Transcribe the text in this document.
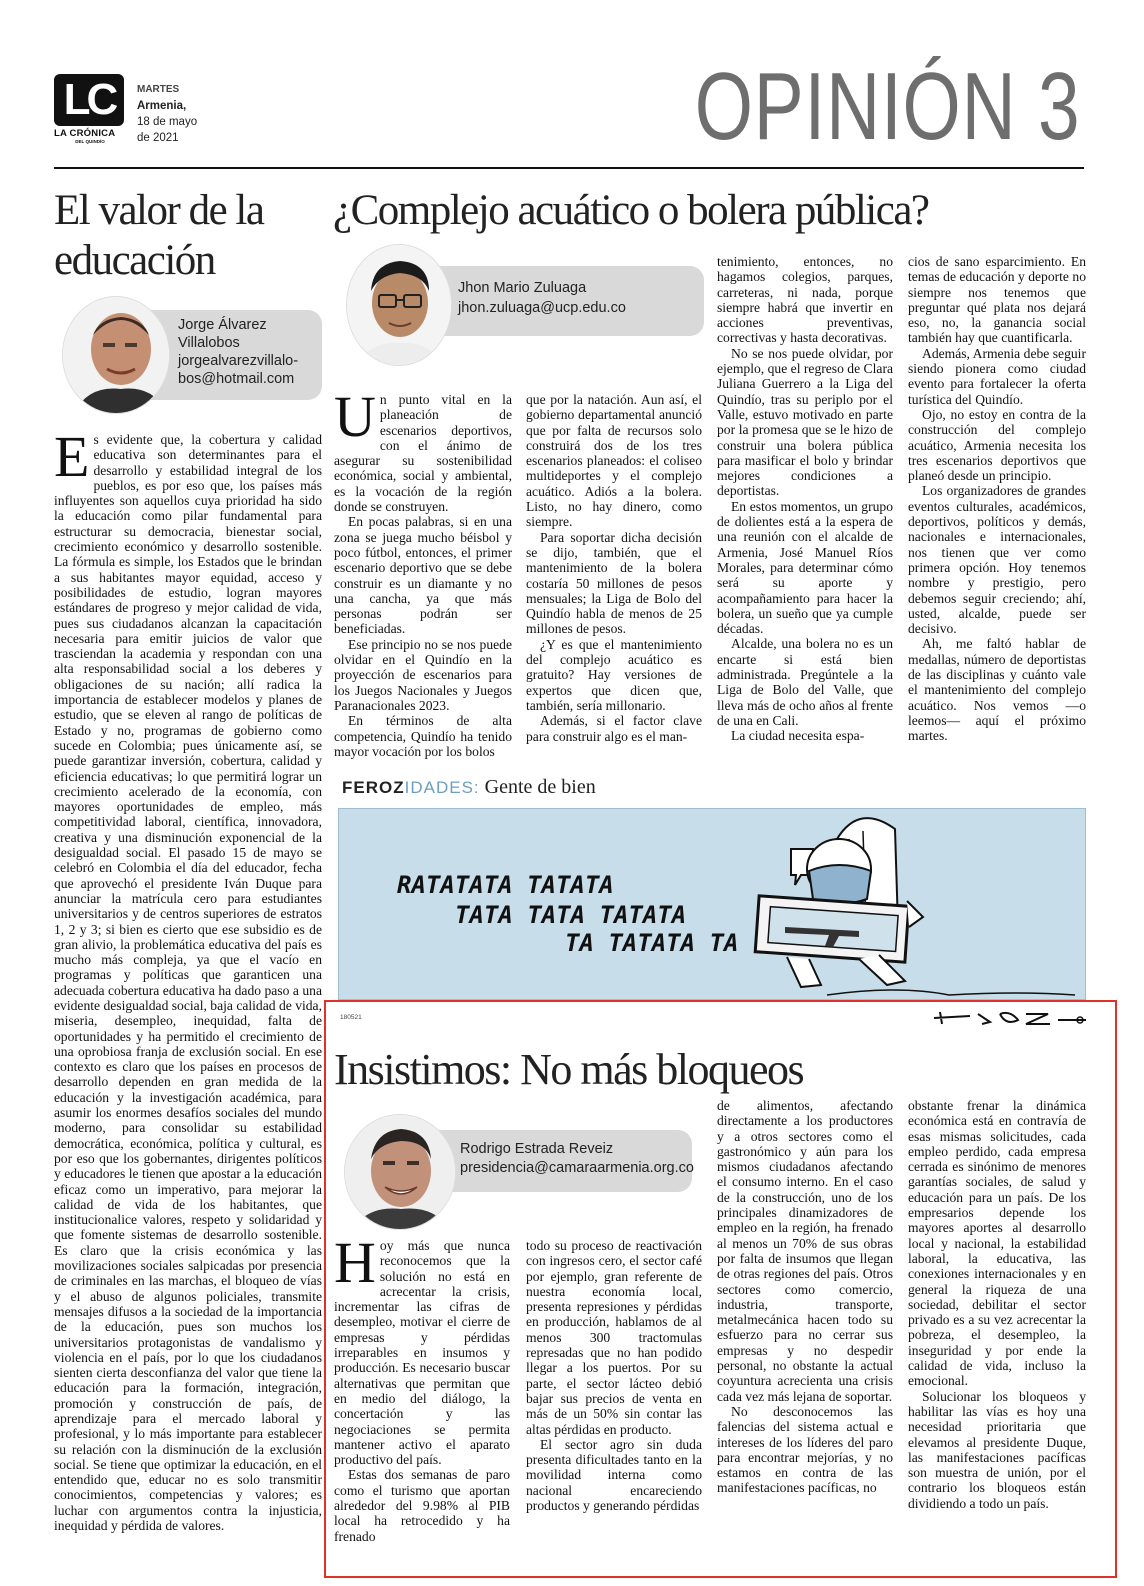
LC
LA CRÓNICA
DEL QUINDÍO
MARTES
Armenia,
18 de mayo
de 2021	OPINIÓN 3
El valor de la educación
Jorge Álvarez
Villalobos
jorgealvarezvillalo-
bos@hotmail.com
Es evidente que, la cobertura y calidad educativa son determinantes para el desarrollo y estabilidad integral de los pueblos, es por eso que, los países más influyentes son aquellos cuya prioridad ha sido la educación como pilar fundamental para estructurar su democracia, bienestar social, crecimiento económico y desarrollo sostenible. La fórmula es simple, los Estados que le brindan a sus habitantes mayor equidad, acceso y posibilidades de estudio, logran mayores estándares de progreso y mejor calidad de vida, pues sus ciudadanos alcanzan la capacitación necesaria para emitir juicios de valor que trasciendan la academia y respondan con una alta responsabilidad social a los deberes y obligaciones de su nación; allí radica la importancia de establecer modelos y planes de estudio, que se eleven al rango de políticas de Estado y no, programas de gobierno como sucede en Colombia; pues únicamente así, se puede garantizar inversión, cobertura, calidad y eficiencia educativas; lo que permitirá lograr un crecimiento acelerado de la economía, con mayores oportunidades de empleo, más competitividad laboral, científica, innovadora, creativa y una disminución exponencial de la desigualdad social. El pasado 15 de mayo se celebró en Colombia el día del educador, fecha que aprovechó el presidente Iván Duque para anunciar la matrícula cero para estudiantes universitarios y de centros superiores de estratos 1, 2 y 3; si bien es cierto que ese subsidio es de gran alivio, la problemática educativa del país es mucho más compleja, ya que el vacío en programas y políticas que garanticen una adecuada cobertura educativa ha dado paso a una evidente desigualdad social, baja calidad de vida, miseria, desempleo, inequidad, falta de oportunidades y ha permitido el crecimiento de una oprobiosa franja de exclusión social. En ese contexto es claro que los países en procesos de desarrollo dependen en gran medida de la educación y la investigación académica, para asumir los enormes desafíos sociales del mundo moderno, para consolidar su estabilidad democrática, económica, política y cultural, es por eso que los gobernantes, dirigentes políticos y educadores le tienen que apostar a la educación eficaz como un imperativo, para mejorar la calidad de vida de los habitantes, que institucionalice valores, respeto y solidaridad y que fomente sistemas de desarrollo sostenible. Es claro que la crisis económica y las movilizaciones sociales salpicadas por presencia de criminales en las marchas, el bloqueo de vías y el abuso de algunos policiales, transmite mensajes difusos a la sociedad de la importancia de la educación, pues son muchos los universitarios protagonistas de vandalismo y violencia en el país, por lo que los ciudadanos sienten cierta desconfianza del valor que tiene la educación para la formación, integración, promoción y construcción de país, de aprendizaje para el mercado laboral y profesional, y lo más importante para establecer su relación con la disminución de la exclusión social. Se tiene que optimizar la educación, en el entendido que, educar no es solo transmitir conocimientos, competencias y valores; es luchar con argumentos contra la injusticia, inequidad y pérdida de valores.
¿Complejo acuático o bolera pública?
Jhon Mario Zuluaga
jhon.zuluaga@ucp.edu.co
Un punto vital en la planeación de escenarios deportivos, con el ánimo de asegurar su sostenibilidad económica, social y ambiental, es la vocación de la región donde se construyen.
En pocas palabras, si en una zona se juega mucho béisbol y poco fútbol, entonces, el primer escenario deportivo que se debe construir es un diamante y no una cancha, ya que más personas podrán ser beneficiadas.
Ese principio no se nos puede olvidar en el Quindío en la proyección de escenarios para los Juegos Nacionales y Juegos Paranacionales 2023.
En términos de alta competencia, Quindío ha tenido mayor vocación por los bolos
que por la natación. Aun así, el gobierno departamental anunció que por falta de recursos solo construirá dos de los tres escenarios planeados: el coliseo multideportes y el complejo acuático. Adiós a la bolera. Listo, no hay dinero, como siempre.
Para soportar dicha decisión se dijo, también, que el mantenimiento de la bolera costaría 50 millones de pesos mensuales; la Liga de Bolo del Quindío habla de menos de 25 millones de pesos.
¿Y es que el mantenimiento del complejo acuático es gratuito? Hay versiones de expertos que dicen que, también, sería millonario.
Además, si el factor clave para construir algo es el man-
tenimiento, entonces, no hagamos colegios, parques, carreteras, ni nada, porque siempre habrá que invertir en acciones preventivas, correctivas y hasta decorativas.
No se nos puede olvidar, por ejemplo, que el regreso de Clara Juliana Guerrero a la Liga del Quindío, tras su periplo por el Valle, estuvo motivado en parte por la promesa que se le hizo de construir una bolera pública para masificar el bolo y brindar mejores condiciones a deportistas.
En estos momentos, un grupo de dolientes está a la espera de una reunión con el alcalde de Armenia, José Manuel Ríos Morales, para determinar cómo será su aporte y acompañamiento para hacer la bolera, un sueño que ya cumple décadas.
Alcalde, una bolera no es un encarte si está bien administrada. Pregúntele a la Liga de Bolo del Valle, que lleva más de ocho años al frente de una en Cali.
La ciudad necesita espa-
cios de sano esparcimiento. En temas de educación y deporte no siempre nos tenemos que preguntar qué plata nos dejará eso, no, la ganancia social también hay que cuantificarla.
Además, Armenia debe seguir siendo pionera como ciudad evento para fortalecer la oferta turística del Quindío.
Ojo, no estoy en contra de la construcción del complejo acuático, Armenia necesita los tres escenarios deportivos que planeó desde un principio.
Los organizadores de grandes eventos culturales, académicos, deportivos, políticos y demás, nacionales e internacionales, nos tienen que ver como primera opción. Hoy tenemos nombre y prestigio, pero debemos seguir creciendo; ahí, usted, alcalde, puede ser decisivo.
Ah, me faltó hablar de medallas, número de deportistas de las disciplinas y cuánto vale el mantenimiento del complejo acuático. Nos vemos —o leemos— aquí el próximo martes.
FEROZIDADES: Gente de bien
RATATATA TATATA
TATA TATA TATATA
TA TATATA TA
180521
Insistimos: No más bloqueos
Rodrigo Estrada Reveiz
presidencia@camaraarmenia.org.co
Hoy más que nunca reconocemos que la solución no está en acrecentar la crisis, incrementar las cifras de desempleo, motivar el cierre de empresas y pérdidas irreparables en insumos y producción. Es necesario buscar alternativas que permitan que en medio del diálogo, la concertación y las negociaciones se permita mantener activo el aparato productivo del país.
Estas dos semanas de paro como el turismo que aportan alrededor del 9.98% al PIB local ha retrocedido y ha frenado
todo su proceso de reactivación con ingresos cero, el sector café por ejemplo, gran referente de nuestra economía local, presenta represiones y pérdidas en producción, hablamos de al menos 300 tractomulas represadas que no han podido llegar a los puertos. Por su parte, el sector lácteo debió bajar sus precios de venta en más de un 50% sin contar las altas pérdidas en producto.
El sector agro sin duda presenta dificultades tanto en la movilidad interna como nacional encareciendo productos y generando pérdidas
de alimentos, afectando directamente a los productores y a otros sectores como el gastronómico y aún para los mismos ciudadanos afectando el consumo interno. En el caso de la construcción, uno de los principales dinamizadores de empleo en la región, ha frenado al menos un 70% de sus obras por falta de insumos que llegan de otras regiones del país. Otros sectores como comercio, industria, transporte, metalmecánica hacen todo su esfuerzo para no cerrar sus empresas y no despedir personal, no obstante la actual coyuntura acrecienta una crisis cada vez más lejana de soportar.
No desconocemos las falencias del sistema actual e intereses de los líderes del paro para encontrar mejorías, y no estamos en contra de las manifestaciones pacíficas, no
obstante frenar la dinámica económica está en contravía de esas mismas solicitudes, cada empleo perdido, cada empresa cerrada es sinónimo de menores garantías sociales, de salud y educación para un país. De los empresarios depende los mayores aportes al desarrollo local y nacional, la estabilidad laboral, la educativa, las conexiones internacionales y en general la riqueza de una sociedad, debilitar el sector privado es a su vez acrecentar la pobreza, el desempleo, la inseguridad y por ende la calidad de vida, incluso la emocional.
Solucionar los bloqueos y habilitar las vías es hoy una necesidad prioritaria que elevamos al presidente Duque, las manifestaciones pacíficas son muestra de unión, por el contrario los bloqueos están dividiendo a todo un país.
